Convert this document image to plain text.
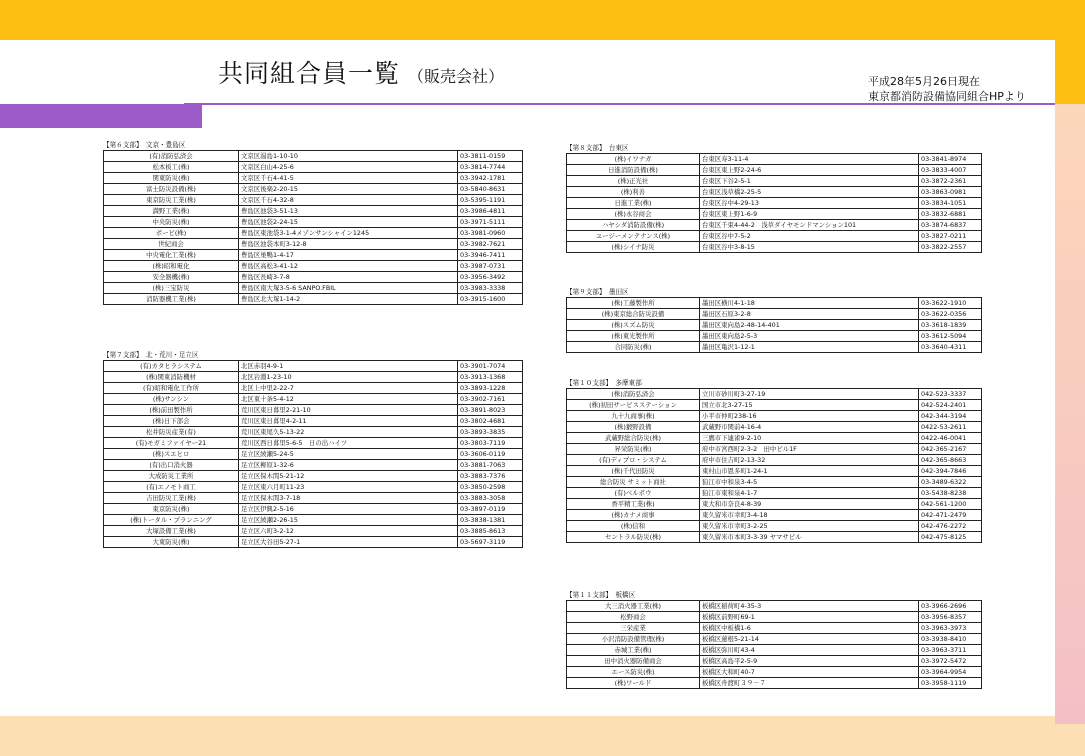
共同組合員一覧 （販売会社）	平成28年5月26日現在
東京都消防設備協同組合HPより
【第６支部】　文京・豊島区
(有)消防弘済会	文京区湯島1-10-10	03-3811-0159
松本板工(株)	文京区白山4-25-6	03-3814-7744
関東防災(株)	文京区千石4-41-5	03-3942-1781
富士防災設備(株)	文京区後楽2-20-15	03-5840-8631
東京防災工業(株)	文京区千石4-32-8	03-5395-1191
満野工業(株)	豊島区池袋3-51-13	03-3986-4811
中央防災(株)	豊島区池袋2-24-15	03-3971-5111
ボービ(株)	豊島区東池袋3-1-4メゾンサンシャイン1245	03-3981-0960
世紀商会	豊島区池袋本町3-12-8	03-3982-7621
中央電化工業(株)	豊島区巣鴨1-4-17	03-3946-7411
(株)昭和電化	豊島区高松3-41-12	03-3987-0731
安全器機(株)	豊島区長崎3-7-8	03-3956-3492
(株)三宝防災	豊島区南大塚3-5-6 SANPO.FBIL	03-3983-3338
消防器機工業(株)	豊島区北大塚1-14-2	03-3915-1600
【第７支部】　北・荒川・足立区
(有)カタヒラシステム	北区赤羽4-9-1	03-3901-7074
(株)関東消防機材	北区岩淵1-23-10	03-3913-1368
(有)昭和電化工作所	北区上中里2-22-7	03-3893-1228
(株)サンシン	北区東十条5-4-12	03-3902-7161
(株)前田製作所	荒川区東日暮里2-21-10	03-3891-8023
(株)日下部会	荒川区東日暮里4-2-11	03-3802-4681
松井防災産業(有)	荒川区東尾久5-13-22	03-3893-3835
(有)モガミファイヤー21	荒川区西日暮里5-6-5　日の出ハイツ	03-3803-7119
(株)スエヒロ	足立区綾瀬5-24-5	03-3606-0119
(有)出口消火器	足立区柳原1-32-6	03-3881-7063
大成防災工業所	足立区保木間5-21-12	03-3883-7376
(有)エノモト商工	足立区東六月町11-23	03-3850-2598
吉田防災工業(株)	足立区保木間3-7-18	03-3883-3058
東京防災(株)	足立区伊興2-5-16	03-3897-0119
(株)トータル・プランニング	足立区綾瀬2-26-15	03-3838-1381
大塚設備工業(株)	足立区六町3-2-12	03-3885-8613
大東防災(株)	足立区大谷田5-27-1	03-5697-3119
【第８支部】　台東区
(株)イワナガ	台東区寿3-11-4	03-3841-8974
日進消防設備(株)	台東区東上野2-24-6	03-3833-4007
(株)正光社	台東区下谷2-5-1	03-3872-2361
(株)利善	台東区浅草橋2-25-5	03-3863-0981
日進工業(株)	台東区谷中4-29-13	03-3834-1051
(株)永谷商会	台東区東上野1-6-9	03-3832-6881
ハヤシダ消防設備(株)	台東区千束4-44-2　浅草ダイヤモンドマンション101	03-3874-6837
ユージーメンテナンス(株)	台東区谷中7-5-2	03-3827-0211
(株)シイナ防災	台東区谷中3-8-15	03-3822-2557
【第９支部】　墨田区
(株)工藤製作所	墨田区横川4-1-18	03-3622-1910
(株)東京総合防災設備	墨田区石原3-2-8	03-3622-0356
(株)スズム防災	墨田区東向島2-48-14-401	03-3618-1839
(株)東光製作所	墨田区東向島2-5-3	03-3612-5094
合同防災(株)	墨田区亀沢1-12-1	03-3640-4311
【第１０支部】　多摩東部
(株)消防弘済会	立川市砂川町3-27-19	042-523-3337
(株)初田サービスステーション	国立市北3-27-15	042-524-2401
九十九商事(株)	小平市仲町238-16	042-344-3194
(株)鍛野設備	武蔵野市関前4-16-4	0422-53-2611
武蔵野総合防災(株)	三鷹市下連雀9-2-10	0422-46-0041
昇栄防災(株)	府中市宮西町2-3-2　田中ビル1F	042-365-2167
(有)ディプロ・システム	府中市住吉町2-13-32	042-365-8663
(株)千代田防災	東村山市恩多町1-24-1	042-394-7846
総合防災 サミット商社	狛江市中和泉3-4-5	03-3489-6322
(有)ベルボウ	狛江市東和泉4-1-7	03-5438-8238
香平精工業(株)	東大和市奈良4-8-39	042-561-1200
(株)カナメ商事	東久留米市幸町3-4-18	042-471-2479
(株)信和	東久留米市幸町3-2-25	042-476-2272
セントラル防災(株)	東久留米市本町3-3-39 ヤマサビル	042-475-8125
【第１１支部】　板橋区
大三消火器工業(株)	板橋区稲荷町4-35-3	03-3966-2696
松野商会	板橋区前野町69-1	03-3956-8357
三栄産業	板橋区中板橋1-6	03-3963-3973
小沢消防設備管理(株)	板橋区蓮根5-21-14	03-3938-8410
赤城工業(株)	板橋区弥川町43-4	03-3963-3711
田中消火器防備商会	板橋区高島平2-5-9	03-3972-5472
エース防災(株)	板橋区大和町40-7	03-3964-9954
(株)ワールド	板橋区舟渡町３９－７	03-3958-1119
